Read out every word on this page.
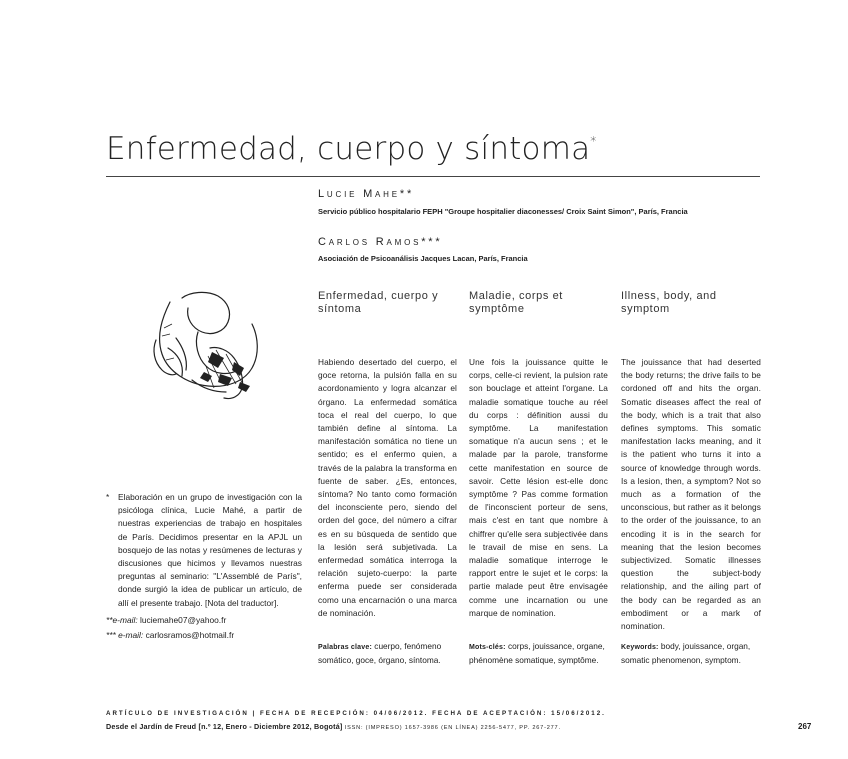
Enfermedad, cuerpo y síntoma*
Lucie Mahe**
Servicio público hospitalario FEPH "Groupe hospitalier diaconesses/ Croix Saint Simon", París, Francia
Carlos Ramos***
Asociación de Psicoanálisis Jacques Lacan, París, Francia
Enfermedad, cuerpo y síntoma
Maladie, corps et symptôme
Illness, body, and symptom

Habiendo desertado del cuerpo, el goce retorna, la pulsión falla en su acordonamiento y logra alcanzar el órgano. La enfermedad somática toca el real del cuerpo, lo que también define al síntoma. La manifestación somática no tiene un sentido; es el enfermo quien, a través de la palabra la transforma en fuente de saber. ¿Es, entonces, síntoma? No tanto como formación del inconsciente pero, siendo del orden del goce, del número a cifrar es en su búsqueda de sentido que la lesión será subjetivada. La enfermedad somática interroga la relación sujeto-cuerpo: la parte enferma puede ser considerada como una encarnación o una marca de nominación.

Une fois la jouissance quitte le corps, celle-ci revient, la pulsion rate son bouclage et atteint l'organe. La maladie somatique touche au réel du corps : définition aussi du symptôme. La manifestation somatique n'a aucun sens ; et le malade par la parole, transforme cette manifestation en source de savoir. Cette lésion est-elle donc symptôme ? Pas comme formation de l'inconscient porteur de sens, mais c'est en tant que nombre à chiffrer qu'elle sera subjectivée dans le travail de mise en sens. La maladie somatique interroge le rapport entre le sujet et le corps: la partie malade peut être envisagée comme une incarnation ou une marque de nomination.

The jouissance that had deserted the body returns; the drive fails to be cordoned off and hits the organ. Somatic diseases affect the real of the body, which is a trait that also defines symptoms. This somatic manifestation lacks meaning, and it is the patient who turns it into a source of knowledge through words. Is a lesion, then, a symptom? Not so much as a formation of the unconscious, but rather as it belongs to the order of the jouissance, to an encoding it is in the search for meaning that the lesion becomes subjectivized. Somatic illnesses question the subject-body relationship, and the ailing part of the body can be regarded as an embodiment or a mark of nomination.

Palabras clave: cuerpo, fenómeno somático, goce, órgano, síntoma.
Mots-clés: corps, jouissance, organe, phénomène somatique, symptôme.
Keywords: body, jouissance, organ, somatic phenomenon, symptom.
* Elaboración en un grupo de investigación con la psicóloga clínica, Lucie Mahé, a partir de nuestras experiencias de trabajo en hospitales de París. Decidimos presentar en la APJL un bosquejo de las notas y resúmenes de lecturas y discusiones que hicimos y llevamos nuestras preguntas al seminario: "L'Assemblé de París", donde surgió la idea de publicar un artículo, de allí el presente trabajo. [Nota del traductor].
**e-mail: luciemahe07@yahoo.fr
*** e-mail: carlosramos@hotmail.fr
ARTÍCULO DE INVESTIGACIÓN | FECHA DE RECEPCIÓN: 04/06/2012. FECHA DE ACEPTACIÓN: 15/06/2012.
Desde el Jardín de Freud [n.º 12, Enero - Diciembre 2012, Bogotá] ISSN: (IMPRESO) 1657-3986 (EN LÍNEA) 2256-5477, PP. 267-277.	267
